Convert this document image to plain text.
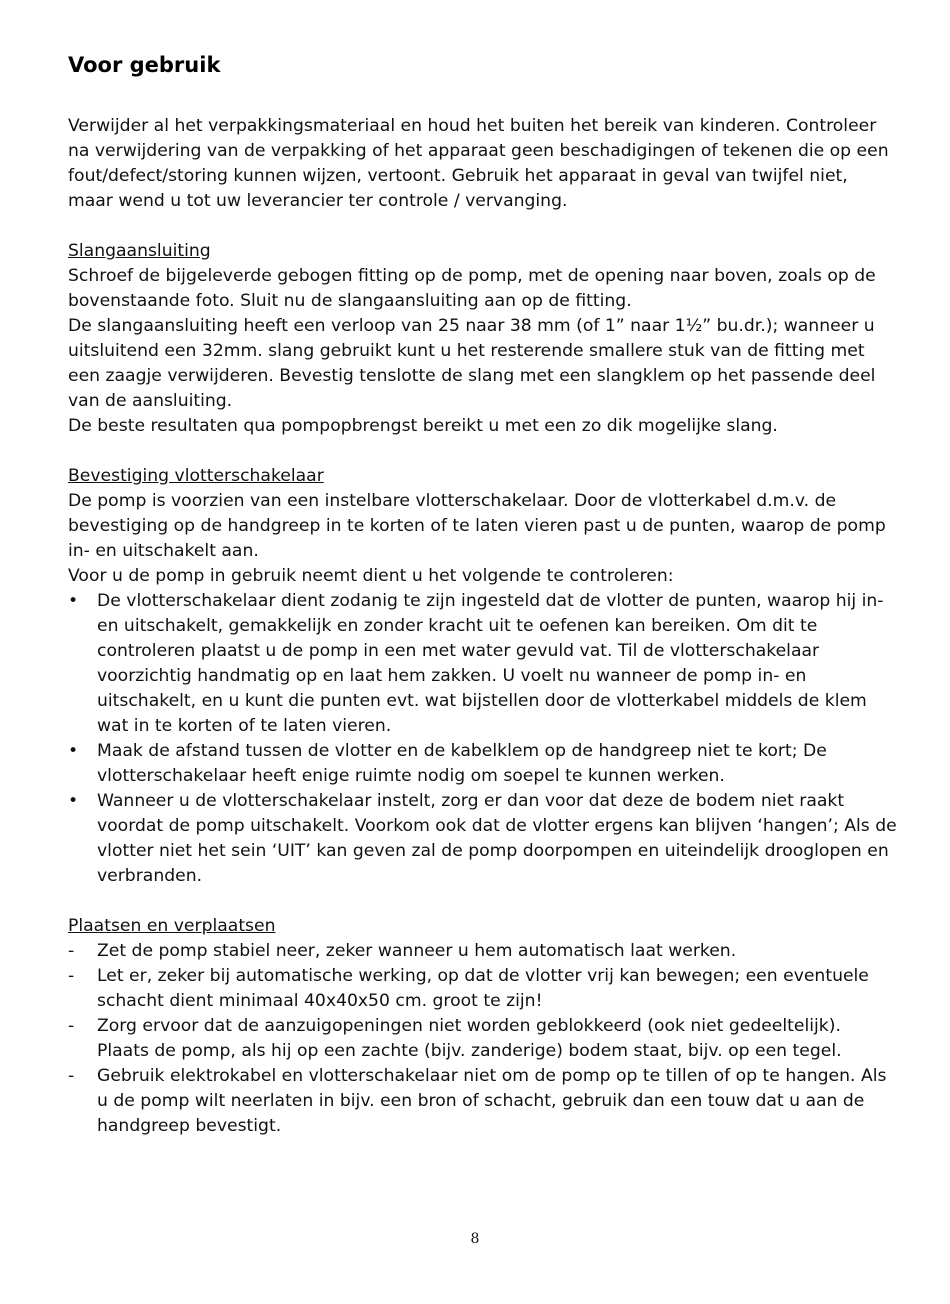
Voor gebruik

Verwijder al het verpakkingsmateriaal en houd het buiten het bereik van kinderen. Controleer na verwijdering van de verpakking of het apparaat geen beschadigingen of tekenen die op een fout/defect/storing kunnen wijzen, vertoont. Gebruik het apparaat in geval van twijfel niet, maar wend u tot uw leverancier ter controle / vervanging.

Slangaansluiting

Schroef de bijgeleverde gebogen fitting op de pomp, met de opening naar boven, zoals op de bovenstaande foto. Sluit nu de slangaansluiting aan op de fitting.

De slangaansluiting heeft een verloop van 25 naar 38 mm (of 1” naar 1½” bu.dr.); wanneer u uitsluitend een 32mm. slang gebruikt kunt u het resterende smallere stuk van de fitting met een zaagje verwijderen. Bevestig tenslotte de slang met een slangklem op het passende deel van de aansluiting.

De beste resultaten qua pompopbrengst bereikt u met een zo dik mogelijke slang.

Bevestiging vlotterschakelaar

De pomp is voorzien van een instelbare vlotterschakelaar. Door de vlotterkabel d.m.v. de bevestiging op de handgreep in te korten of te laten vieren past u de punten, waarop de pomp in- en uitschakelt aan.

Voor u de pomp in gebruik neemt dient u het volgende te controleren:

•	De vlotterschakelaar dient zodanig te zijn ingesteld dat de vlotter de punten, waarop hij in- en uitschakelt, gemakkelijk en zonder kracht uit te oefenen kan bereiken. Om dit te controleren plaatst u de pomp in een met water gevuld vat. Til de vlotterschakelaar voorzichtig handmatig op en laat hem zakken. U voelt nu wanneer de pomp in- en uitschakelt, en u kunt die punten evt. wat bijstellen door de vlotterkabel middels de klem wat in te korten of te laten vieren.
•	Maak de afstand tussen de vlotter en de kabelklem op de handgreep niet te kort; De vlotterschakelaar heeft enige ruimte nodig om soepel te kunnen werken.
•	Wanneer u de vlotterschakelaar instelt, zorg er dan voor dat deze de bodem niet raakt voordat de pomp uitschakelt. Voorkom ook dat de vlotter ergens kan blijven ‘hangen’; Als de vlotter niet het sein ‘UIT’ kan geven zal de pomp doorpompen en uiteindelijk drooglopen en verbranden.

Plaatsen en verplaatsen

-	Zet de pomp stabiel neer, zeker wanneer u hem automatisch laat werken.
-	Let er, zeker bij automatische werking, op dat de vlotter vrij kan bewegen; een eventuele schacht dient minimaal 40x40x50 cm. groot te zijn!
-	Zorg ervoor dat de aanzuigopeningen niet worden geblokkeerd (ook niet gedeeltelijk). Plaats de pomp, als hij op een zachte (bijv. zanderige) bodem staat, bijv. op een tegel.
-	Gebruik elektrokabel en vlotterschakelaar niet om de pomp op te tillen of op te hangen. Als u de pomp wilt neerlaten in bijv. een bron of schacht, gebruik dan een touw dat u aan de handgreep bevestigt.
8
